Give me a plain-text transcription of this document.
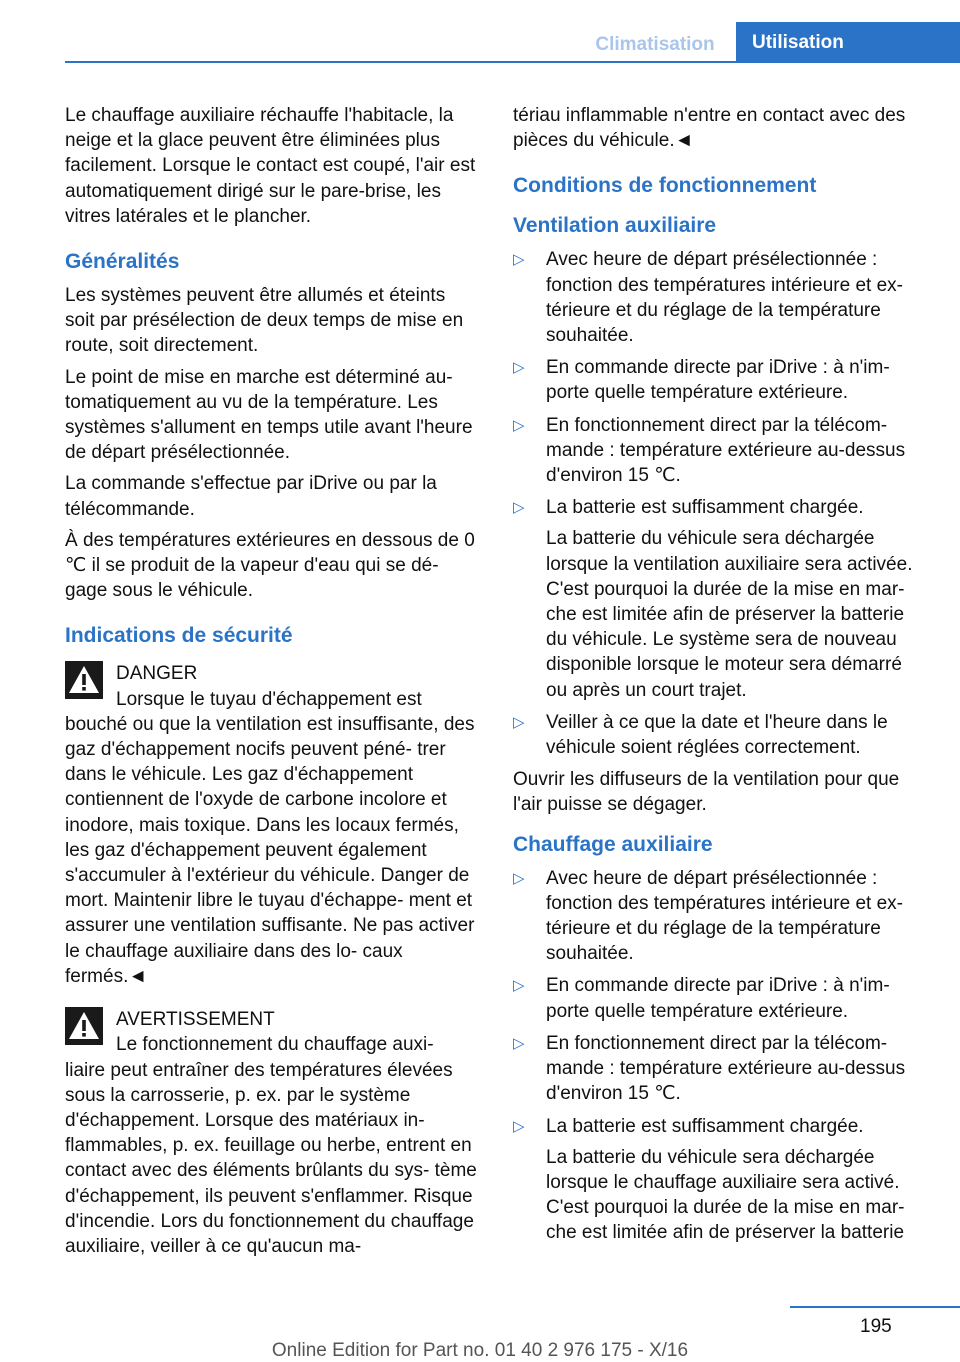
Climatisation	Utilisation

Le chauffage auxiliaire réchauffe l'habitacle, la neige et la glace peuvent être éliminées plus facilement. Lorsque le contact est coupé, l'air est automatiquement dirigé sur le pare-brise, les vitres latérales et le plancher.

Généralités

Les systèmes peuvent être allumés et éteints soit par présélection de deux temps de mise en route, soit directement.

Le point de mise en marche est déterminé au- tomatiquement au vu de la température. Les systèmes s'allument en temps utile avant l'heure de départ présélectionnée.

La commande s'effectue par iDrive ou par la télécommande.

À des températures extérieures en dessous de 0 ℃ il se produit de la vapeur d'eau qui se dé- gage sous le véhicule.

Indications de sécurité
DANGER
Lorsque le tuyau d'échappement est

bouché ou que la ventilation est insuffisante, des gaz d'échappement nocifs peuvent péné- trer dans le véhicule. Les gaz d'échappement contiennent de l'oxyde de carbone incolore et inodore, mais toxique. Dans les locaux fermés, les gaz d'échappement peuvent également s'accumuler à l'extérieur du véhicule. Danger de mort. Maintenir libre le tuyau d'échappe- ment et assurer une ventilation suffisante. Ne pas activer le chauffage auxiliaire dans des lo- caux fermés.◄

AVERTISSEMENT
Le fonctionnement du chauffage auxi-

liaire peut entraîner des températures élevées sous la carrosserie, p. ex. par le système d'échappement. Lorsque des matériaux in- flammables, p. ex. feuillage ou herbe, entrent en contact avec des éléments brûlants du sys- tème d'échappement, ils peuvent s'enflammer. Risque d'incendie. Lors du fonctionnement du chauffage auxiliaire, veiller à ce qu'aucun ma-

tériau inflammable n'entre en contact avec des pièces du véhicule.◄

Conditions de fonctionnement
Ventilation auxiliaire
▷ Avec heure de départ présélectionnée : fonction des températures intérieure et ex- térieure et du réglage de la température souhaitée.
▷ En commande directe par iDrive : à n'im- porte quelle température extérieure.
▷ En fonctionnement direct par la télécom- mande : température extérieure au-dessus d'environ 15 ℃.
▷ La batterie est suffisamment chargée.
La batterie du véhicule sera déchargée lorsque la ventilation auxiliaire sera activée. C'est pourquoi la durée de la mise en mar- che est limitée afin de préserver la batterie du véhicule. Le système sera de nouveau disponible lorsque le moteur sera démarré ou après un court trajet.
▷ Veiller à ce que la date et l'heure dans le véhicule soient réglées correctement.

Ouvrir les diffuseurs de la ventilation pour que l'air puisse se dégager.

Chauffage auxiliaire
▷ Avec heure de départ présélectionnée : fonction des températures intérieure et ex- térieure et du réglage de la température souhaitée.
▷ En commande directe par iDrive : à n'im- porte quelle température extérieure.
▷ En fonctionnement direct par la télécom- mande : température extérieure au-dessus d'environ 15 ℃.
▷ La batterie est suffisamment chargée.
La batterie du véhicule sera déchargée lorsque le chauffage auxiliaire sera activé. C'est pourquoi la durée de la mise en mar- che est limitée afin de préserver la batterie
195
Online Edition for Part no. 01 40 2 976 175 - X/16
